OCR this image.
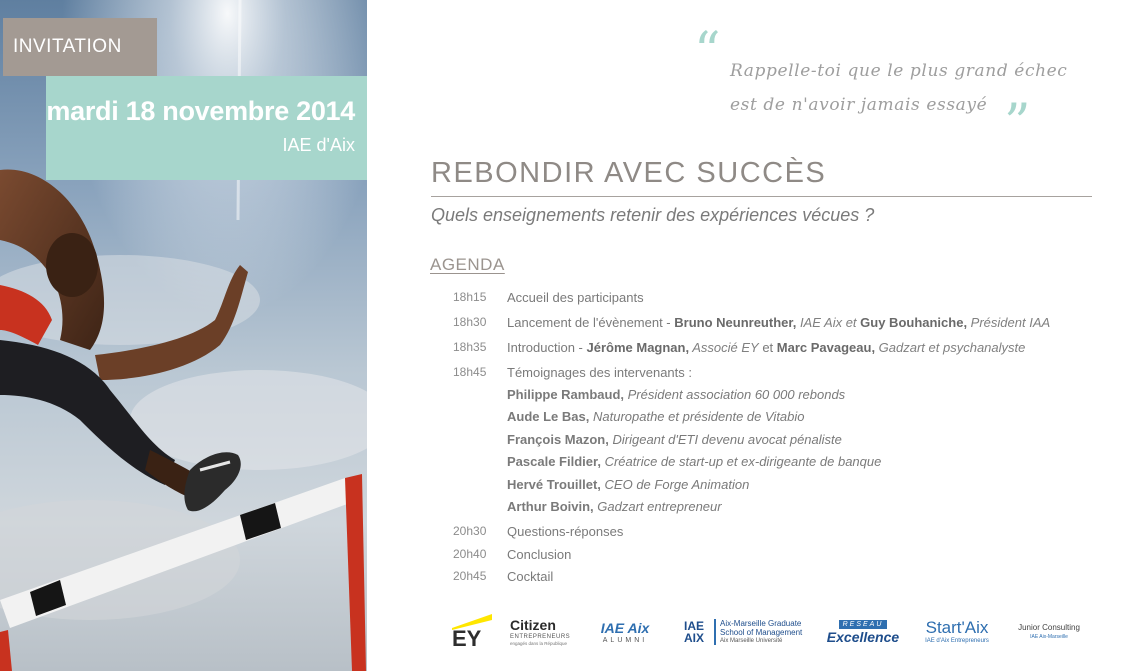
INVITATION
mardi 18 novembre 2014
IAE d'Aix
“ Rappelle-toi que le plus grand échec
est de n'avoir jamais essayé ”
REBONDIR AVEC SUCCÈS
Quels enseignements retenir des expériences vécues ?
AGENDA
18h15	Accueil des participants
18h30	Lancement de l'évènement - Bruno Neunreuther, IAE Aix et Guy Bouhaniche, Président IAA
18h35	Introduction - Jérôme Magnan, Associé EY et Marc Pavageau, Gadzart et psychanalyste
18h45	Témoignages des intervenants :
Philippe Rambaud, Président association 60 000 rebonds
Aude Le Bas, Naturopathe et présidente de Vitabio
François Mazon, Dirigeant d'ETI devenu avocat pénaliste
Pascale Fildier, Créatrice de start-up et ex-dirigeante de banque
Hervé Trouillet, CEO de Forge Animation
Arthur Boivin, Gadzart entrepreneur
20h30	Questions-réponses
20h40	Conclusion
20h45	Cocktail
EY
Citizen
ENTREPRENEURS
engagés dans la République
IAE Aix
ALUMNI
IAE AIX
Aix-Marseille Graduate
School of Management
Aix Marseille Université
RESEAU
Excellence Start'Aix
IAE d'Aix Entrepreneurs
Junior Consulting
IAE Aix-Marseille
